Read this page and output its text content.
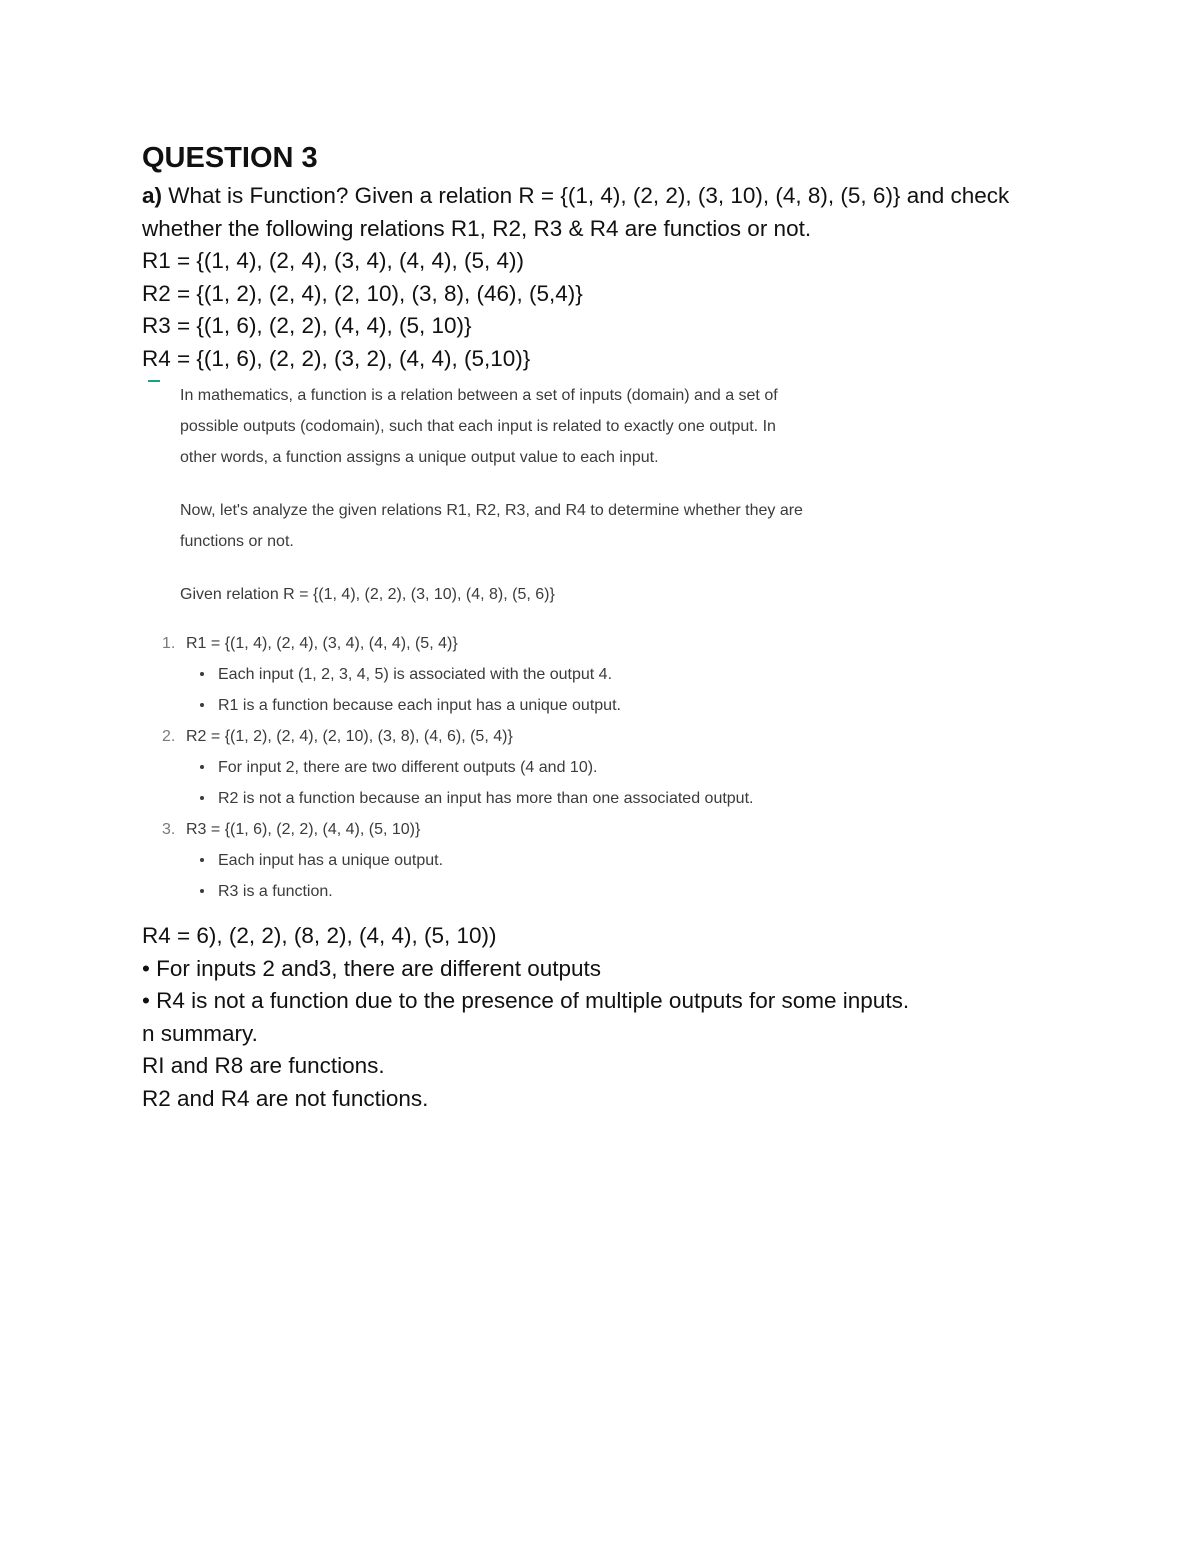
QUESTION 3
a) What is Function? Given a relation R = {(1, 4), (2, 2), (3, 10), (4, 8), (5, 6)} and check
whether the following relations R1, R2, R3 & R4 are functios or not.
R1 = {(1, 4), (2, 4), (3, 4), (4, 4), (5, 4))
R2 = {(1, 2), (2, 4), (2, 10), (3, 8), (46), (5,4)}
R3 = {(1, 6), (2, 2), (4, 4), (5, 10)}
R4 = {(1, 6), (2, 2), (3, 2), (4, 4), (5,10)}

In mathematics, a function is a relation between a set of inputs (domain) and a set of

possible outputs (codomain), such that each input is related to exactly one output. In

other words, a function assigns a unique output value to each input.

Now, let's analyze the given relations R1, R2, R3, and R4 to determine whether they are

functions or not.

Given relation R = {(1, 4), (2, 2), (3, 10), (4, 8), (5, 6)}

1. R1 = {(1, 4), (2, 4), (3, 4), (4, 4), (5, 4)}
Each input (1, 2, 3, 4, 5) is associated with the output 4.
R1 is a function because each input has a unique output.
2. R2 = {(1, 2), (2, 4), (2, 10), (3, 8), (4, 6), (5, 4)}
For input 2, there are two different outputs (4 and 10).
R2 is not a function because an input has more than one associated output.
3. R3 = {(1, 6), (2, 2), (4, 4), (5, 10)}
Each input has a unique output.
R3 is a function.
R4 = 6), (2, 2), (8, 2), (4, 4), (5, 10))
• For inputs 2 and3, there are different outputs
• R4 is not a function due to the presence of multiple outputs for some inputs.
n summary.
RI and R8 are functions.
R2 and R4 are not functions.
